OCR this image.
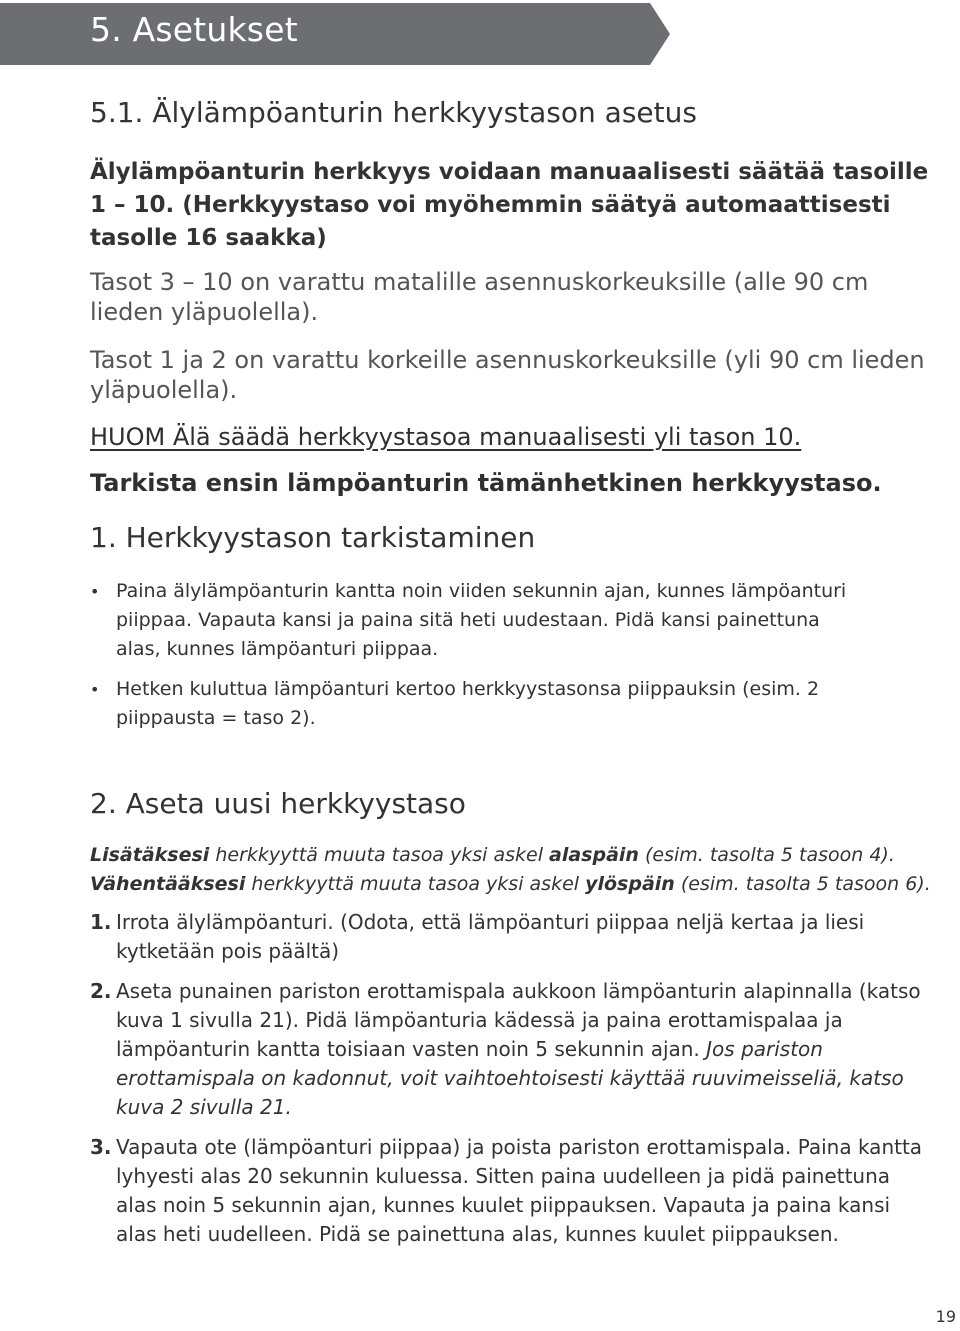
5. Asetukset
5.1. Älylämpöanturin herkkyystason asetus
Älylämpöanturin herkkyys voidaan manuaalisesti säätää tasoille 1 – 10. (Herkkyystaso voi myöhemmin säätyä automaattisesti tasolle 16 saakka)
Tasot 3 – 10 on varattu matalille asennuskorkeuksille (alle 90 cm lieden yläpuolella).
Tasot 1 ja 2 on varattu korkeille asennuskorkeuksille (yli 90 cm lieden yläpuolella).
HUOM Älä säädä herkkyystasoa manuaalisesti yli tason 10.
Tarkista ensin lämpöanturin tämänhetkinen herkkyystaso.
1. Herkkyystason tarkistaminen
• Paina älylämpöanturin kantta noin viiden sekunnin ajan, kunnes lämpöanturi piippaa. Vapauta kansi ja paina sitä heti uudestaan. Pidä kansi painettuna alas, kunnes lämpöanturi piippaa.
• Hetken kuluttua lämpöanturi kertoo herkkyystasonsa piippauksin (esim. 2 piippausta = taso 2).
2. Aseta uusi herkkyystaso
Lisätäksesi herkkyyttä muuta tasoa yksi askel alaspäin (esim. tasolta 5 tasoon 4).
Vähentääksesi herkkyyttä muuta tasoa yksi askel ylöspäin (esim. tasolta 5 tasoon 6).
1. Irrota älylämpöanturi. (Odota, että lämpöanturi piippaa neljä kertaa ja liesi kytketään pois päältä)
2. Aseta punainen pariston erottamispala aukkoon lämpöanturin alapinnalla (katso kuva 1 sivulla 21). Pidä lämpöanturia kädessä ja paina erottamispalaa ja lämpöanturin kantta toisiaan vasten noin 5 sekunnin ajan. Jos pariston erottamispala on kadonnut, voit vaihtoehtoisesti käyttää ruuvimeisseliä, katso kuva 2 sivulla 21.
3. Vapauta ote (lämpöanturi piippaa) ja poista pariston erottamispala. Paina kantta lyhyesti alas 20 sekunnin kuluessa. Sitten paina uudelleen ja pidä painettuna alas noin 5 sekunnin ajan, kunnes kuulet piippauksen. Vapauta ja paina kansi alas heti uudelleen. Pidä se painettuna alas, kunnes kuulet piippauksen.
19
